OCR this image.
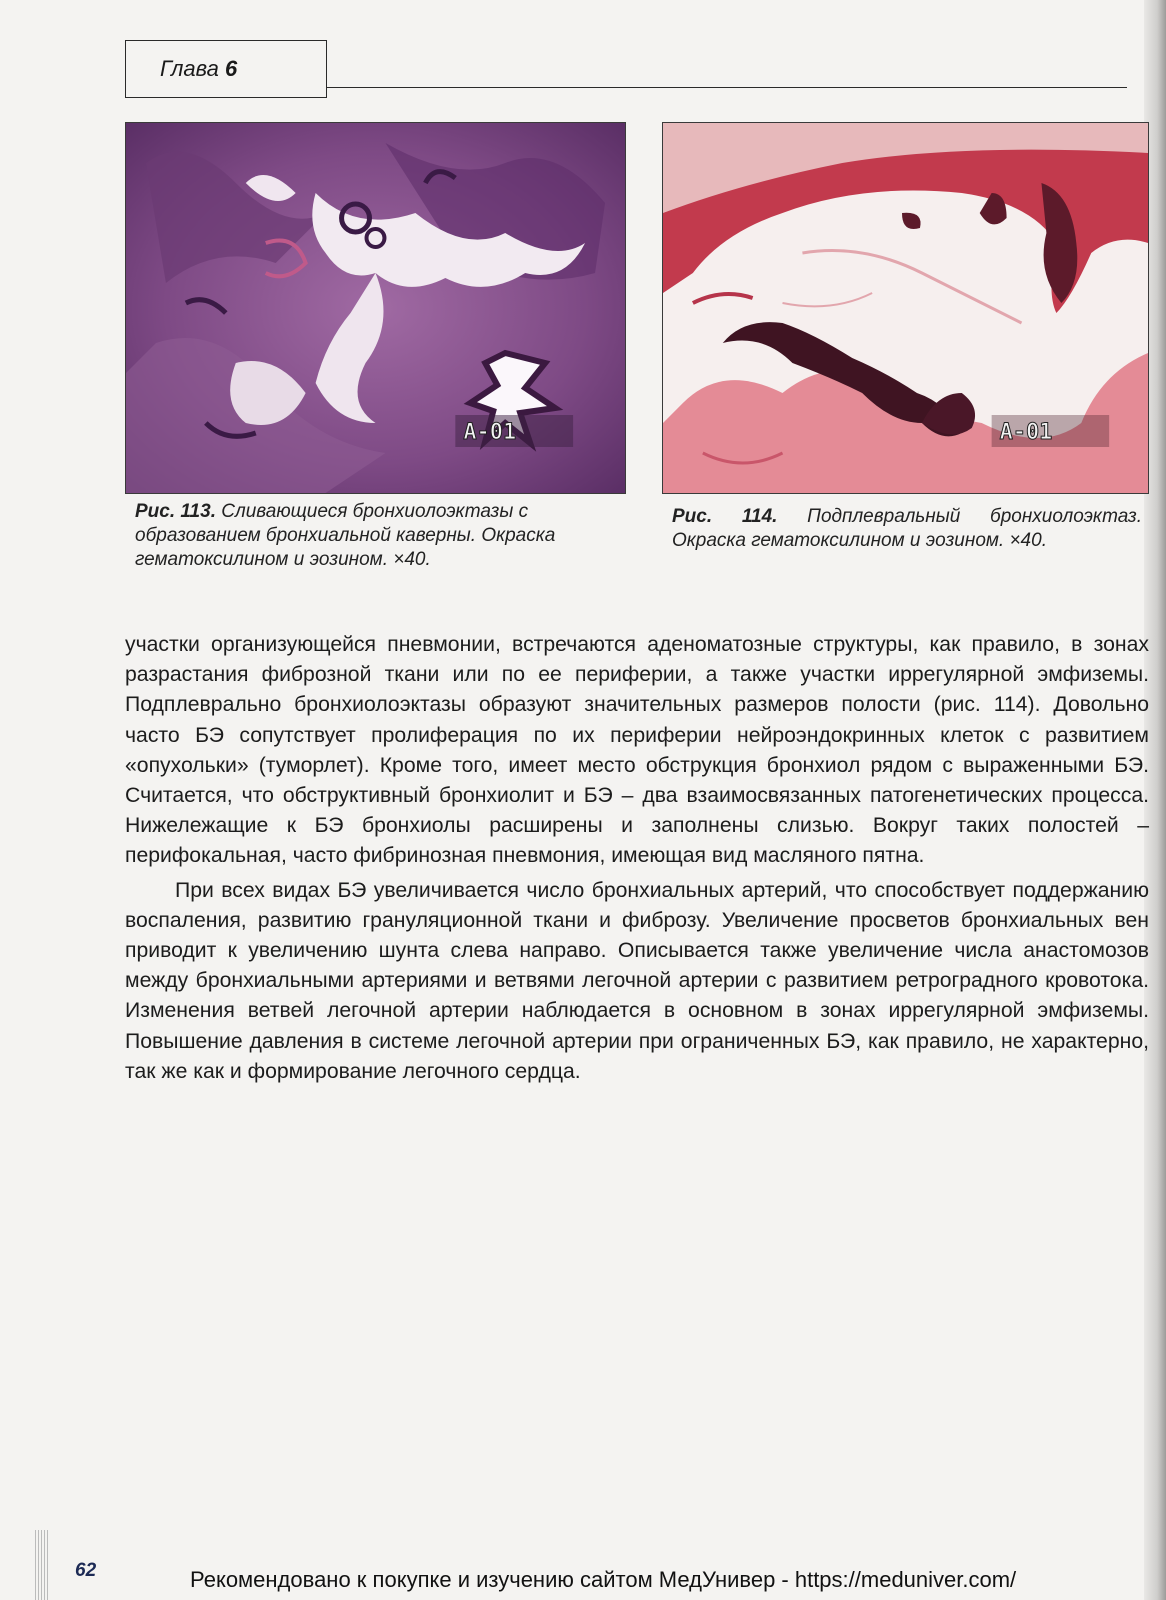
Глава 6
A-01	A-01
Рис. 113. Сливающиеся бронхиолоэктазы с образованием бронхиальной каверны. Окраска гематоксилином и эозином. ×40.
Рис. 114. Подплевральный бронхиолоэктаз. Окраска гематоксилином и эозином. ×40.

участки организующейся пневмонии, встречаются аденоматозные структуры, как правило, в зонах разрастания фиброзной ткани или по ее периферии, а также участки иррегулярной эмфиземы. Подплеврально бронхиолоэктазы образуют значительных размеров полости (рис. 114). Довольно часто БЭ сопутствует пролиферация по их периферии нейроэндокринных клеток с развитием «опухольки» (туморлет). Кроме того, имеет место обструкция бронхиол рядом с выраженными БЭ. Считается, что обструктивный бронхиолит и БЭ – два взаимосвязанных патогенетических процесса. Нижележащие к БЭ бронхиолы расширены и заполнены слизью. Вокруг таких полостей – перифокальная, часто фибринозная пневмония, имеющая вид масляного пятна.

При всех видах БЭ увеличивается число бронхиальных артерий, что способствует поддержанию воспаления, развитию грануляционной ткани и фиброзу. Увеличение просветов бронхиальных вен приводит к увеличению шунта слева направо. Описывается также увеличение числа анастомозов между бронхиальными артериями и ветвями легочной артерии с развитием ретроградного кровотока. Изменения ветвей легочной артерии наблюдается в основном в зонах иррегулярной эмфиземы. Повышение давления в системе легочной артерии при ограниченных БЭ, как правило, не характерно, так же как и формирование легочного сердца.

62	Рекомендовано к покупке и изучению сайтом МедУнивер - https://meduniver.com/
